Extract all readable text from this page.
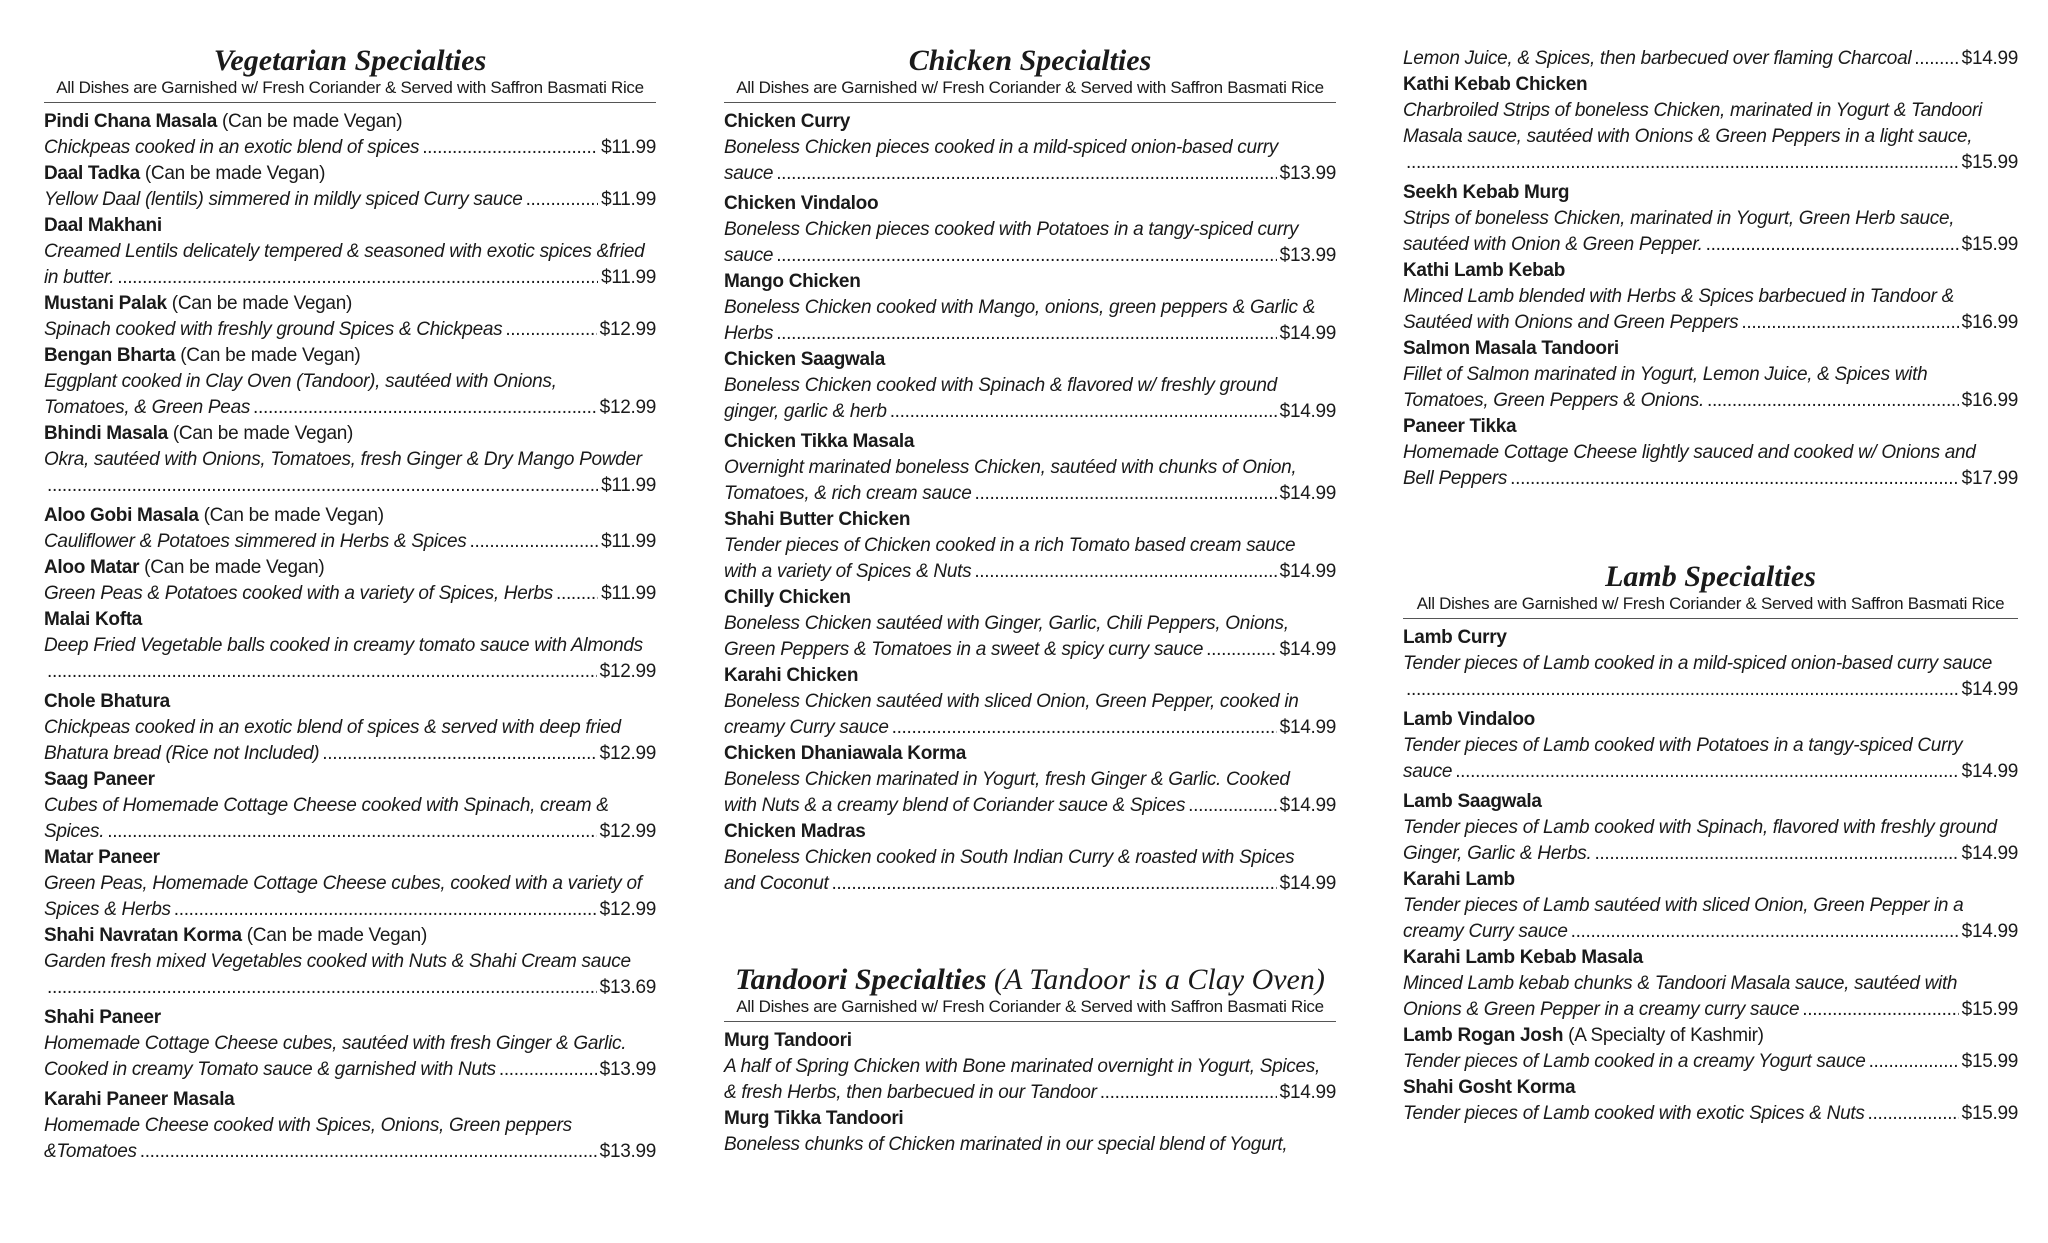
Vegetarian Specialties
All Dishes are Garnished w/ Fresh Coriander & Served with Saffron Basmati Rice
Pindi Chana Masala (Can be made Vegan)
Chickpeas cooked in an exotic blend of spices .....	$11.99
Daal Tadka (Can be made Vegan)
Yellow Daal (lentils) simmered in mildly spiced Curry sauce .....	$11.99
Daal Makhani
Creamed Lentils delicately tempered & seasoned with exotic spices &fried
in butter. .....	$11.99
Mustani Palak (Can be made Vegan)
Spinach cooked with freshly ground Spices & Chickpeas .....	$12.99
Bengan Bharta (Can be made Vegan)
Eggplant cooked in Clay Oven (Tandoor), sautéed with Onions,
Tomatoes, & Green Peas .....	$12.99
Bhindi Masala (Can be made Vegan)
Okra, sautéed with Onions, Tomatoes, fresh Ginger & Dry Mango Powder
.....
$11.99
Aloo Gobi Masala (Can be made Vegan)
Cauliflower & Potatoes simmered in Herbs & Spices .....	$11.99
Aloo Matar (Can be made Vegan)
Green Peas & Potatoes cooked with a variety of Spices, Herbs .....	$11.99
Malai Kofta
Deep Fried Vegetable balls cooked in creamy tomato sauce with Almonds
.....
$12.99
Chole Bhatura
Chickpeas cooked in an exotic blend of spices & served with deep fried
Bhatura bread (Rice not Included) .....	$12.99
Saag Paneer
Cubes of Homemade Cottage Cheese cooked with Spinach, cream &
Spices. .....	$12.99
Matar Paneer
Green Peas, Homemade Cottage Cheese cubes, cooked with a variety of
Spices & Herbs .....	$12.99
Shahi Navratan Korma (Can be made Vegan)
Garden fresh mixed Vegetables cooked with Nuts & Shahi Cream sauce
.....
$13.69
Shahi Paneer
Homemade Cottage Cheese cubes, sautéed with fresh Ginger & Garlic.
Cooked in creamy Tomato sauce & garnished with Nuts .....	$13.99
Karahi Paneer Masala
Homemade Cheese cooked with Spices, Onions, Green peppers
&Tomatoes .....	$13.99
Chicken Specialties
All Dishes are Garnished w/ Fresh Coriander & Served with Saffron Basmati Rice
Chicken Curry
Boneless Chicken pieces cooked in a mild-spiced onion-based curry
sauce .....	$13.99
Chicken Vindaloo
Boneless Chicken pieces cooked with Potatoes in a tangy-spiced curry
sauce .....	$13.99
Mango Chicken
Boneless Chicken cooked with Mango, onions, green peppers & Garlic &
Herbs .....	$14.99
Chicken Saagwala
Boneless Chicken cooked with Spinach & flavored w/ freshly ground
ginger, garlic & herb .....	$14.99
Chicken Tikka Masala
Overnight marinated boneless Chicken, sautéed with chunks of Onion,
Tomatoes, & rich cream sauce .....	$14.99
Shahi Butter Chicken
Tender pieces of Chicken cooked in a rich Tomato based cream sauce
with a variety of Spices & Nuts .....	$14.99
Chilly Chicken
Boneless Chicken sautéed with Ginger, Garlic, Chili Peppers, Onions,
Green Peppers & Tomatoes in a sweet & spicy curry sauce .....	$14.99
Karahi Chicken
Boneless Chicken sautéed with sliced Onion, Green Pepper, cooked in
creamy Curry sauce .....	$14.99
Chicken Dhaniawala Korma
Boneless Chicken marinated in Yogurt, fresh Ginger & Garlic. Cooked
with Nuts & a creamy blend of Coriander sauce & Spices .....	$14.99
Chicken Madras
Boneless Chicken cooked in South Indian Curry & roasted with Spices
and Coconut .....	$14.99
Tandoori Specialties (A Tandoor is a Clay Oven)
All Dishes are Garnished w/ Fresh Coriander & Served with Saffron Basmati Rice
Murg Tandoori
A half of Spring Chicken with Bone marinated overnight in Yogurt, Spices,
& fresh Herbs, then barbecued in our Tandoor .....	$14.99
Murg Tikka Tandoori
Boneless chunks of Chicken marinated in our special blend of Yogurt,
Lemon Juice, & Spices, then barbecued over flaming Charcoal .....	$14.99
Kathi Kebab Chicken
Charbroiled Strips of boneless Chicken, marinated in Yogurt & Tandoori Masala sauce, sautéed with Onions & Green Peppers in a light sauce,
.....
$15.99
Seekh Kebab Murg
Strips of boneless Chicken, marinated in Yogurt, Green Herb sauce,
sautéed with Onion & Green Pepper. .....	$15.99
Kathi Lamb Kebab
Minced Lamb blended with Herbs & Spices barbecued in Tandoor &
Sautéed with Onions and Green Peppers .....	$16.99
Salmon Masala Tandoori
Fillet of Salmon marinated in Yogurt, Lemon Juice, & Spices with
Tomatoes, Green Peppers & Onions. .....	$16.99
Paneer Tikka
Homemade Cottage Cheese lightly sauced and cooked w/ Onions and
Bell Peppers .....	$17.99
Lamb Specialties
All Dishes are Garnished w/ Fresh Coriander & Served with Saffron Basmati Rice
Lamb Curry
Tender pieces of Lamb cooked in a mild-spiced onion-based curry sauce
.....
$14.99
Lamb Vindaloo
Tender pieces of Lamb cooked with Potatoes in a tangy-spiced Curry
sauce .....	$14.99
Lamb Saagwala
Tender pieces of Lamb cooked with Spinach, flavored with freshly ground
Ginger, Garlic & Herbs. .....	$14.99
Karahi Lamb
Tender pieces of Lamb sautéed with sliced Onion, Green Pepper in a
creamy Curry sauce .....	$14.99
Karahi Lamb Kebab Masala
Minced Lamb kebab chunks & Tandoori Masala sauce, sautéed with
Onions & Green Pepper in a creamy curry sauce .....	$15.99
Lamb Rogan Josh (A Specialty of Kashmir)
Tender pieces of Lamb cooked in a creamy Yogurt sauce .....	$15.99
Shahi Gosht Korma
Tender pieces of Lamb cooked with exotic Spices & Nuts .....	$15.99
